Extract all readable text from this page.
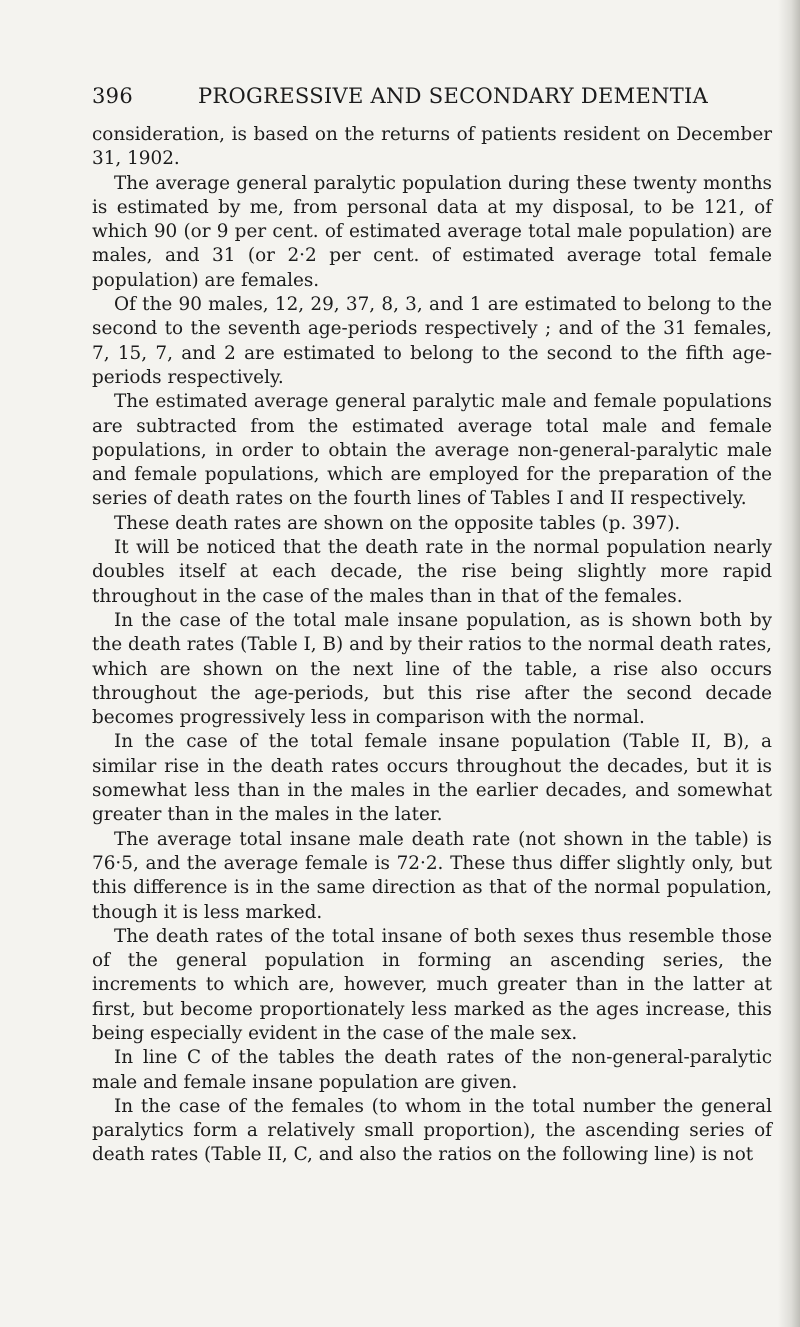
396	PROGRESSIVE AND SECONDARY DEMENTIA

consideration, is based on the returns of patients resident on December 31, 1902.

The average general paralytic population during these twenty months is estimated by me, from personal data at my disposal, to be 121, of which 90 (or 9 per cent. of estimated average total male population) are males, and 31 (or 2·2 per cent. of estimated average total female population) are females.

Of the 90 males, 12, 29, 37, 8, 3, and 1 are estimated to belong to the second to the seventh age-periods respectively ; and of the 31 females, 7, 15, 7, and 2 are estimated to belong to the second to the fifth age-periods respectively.

The estimated average general paralytic male and female populations are subtracted from the estimated average total male and female populations, in order to obtain the average non-general-paralytic male and female populations, which are employed for the preparation of the series of death rates on the fourth lines of Tables I and II respectively.

These death rates are shown on the opposite tables (p. 397).

It will be noticed that the death rate in the normal population nearly doubles itself at each decade, the rise being slightly more rapid throughout in the case of the males than in that of the females.

In the case of the total male insane population, as is shown both by the death rates (Table I, B) and by their ratios to the normal death rates, which are shown on the next line of the table, a rise also occurs throughout the age-periods, but this rise after the second decade becomes progressively less in comparison with the normal.

In the case of the total female insane population (Table II, B), a similar rise in the death rates occurs throughout the decades, but it is somewhat less than in the males in the earlier decades, and somewhat greater than in the males in the later.

The average total insane male death rate (not shown in the table) is 76·5, and the average female is 72·2. These thus differ slightly only, but this difference is in the same direction as that of the normal population, though it is less marked.

The death rates of the total insane of both sexes thus resemble those of the general population in forming an ascending series, the increments to which are, however, much greater than in the latter at first, but become proportionately less marked as the ages increase, this being especially evident in the case of the male sex.

In line C of the tables the death rates of the non-general-paralytic male and female insane population are given.

In the case of the females (to whom in the total number the general paralytics form a relatively small proportion), the ascending series of death rates (Table II, C, and also the ratios on the following line) is not
